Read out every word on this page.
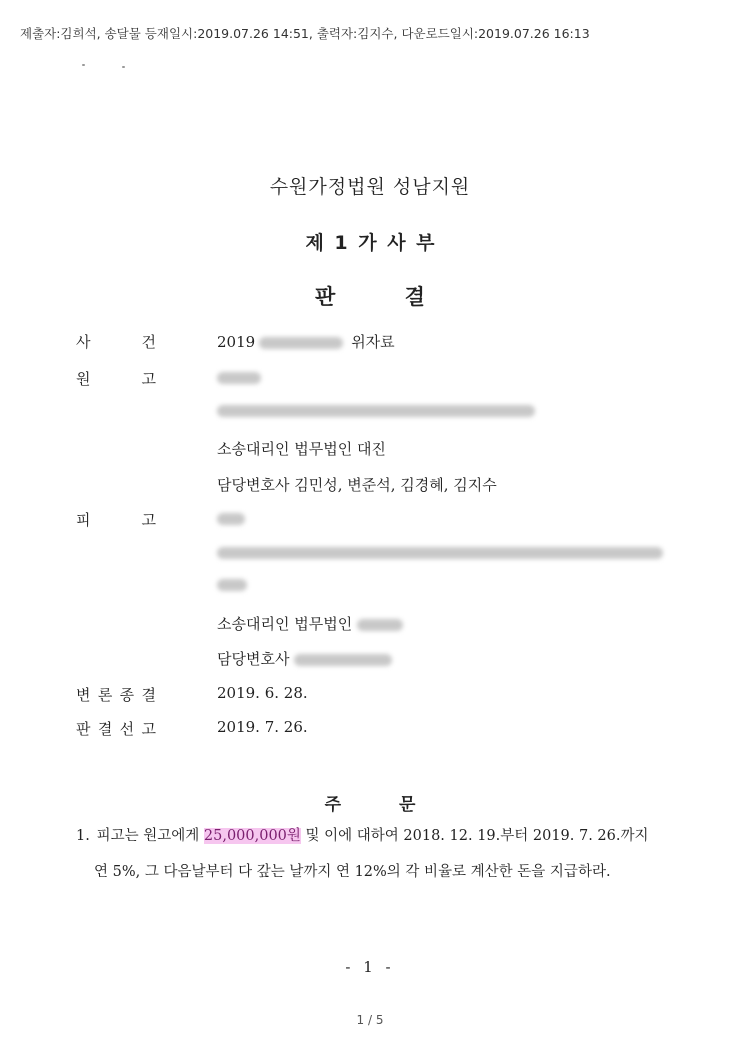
제출자:김희석, 송달물 등재일시:2019.07.26 14:51, 출력자:김지수, 다운로드일시:2019.07.26 16:13
수원가정법원 성남지원
제 1 가 사 부
판 결
사	건	2019	위자료
원	고
소송대리인 법무법인 대진
담당변호사 김민성, 변준석, 김경혜, 김지수
피	고
소송대리인 법무법인
담당변호사
변 론 종 결	2019. 6. 28.
판 결 선 고	2019. 7. 26.
주 문
1. 피고는 원고에게 25,000,000원 및 이에 대하여 2018. 12. 19.부터 2019. 7. 26.까지
연 5%, 그 다음날부터 다 갚는 날까지 연 12%의 각 비율로 계산한 돈을 지급하라.
- 1 -
1 / 5
